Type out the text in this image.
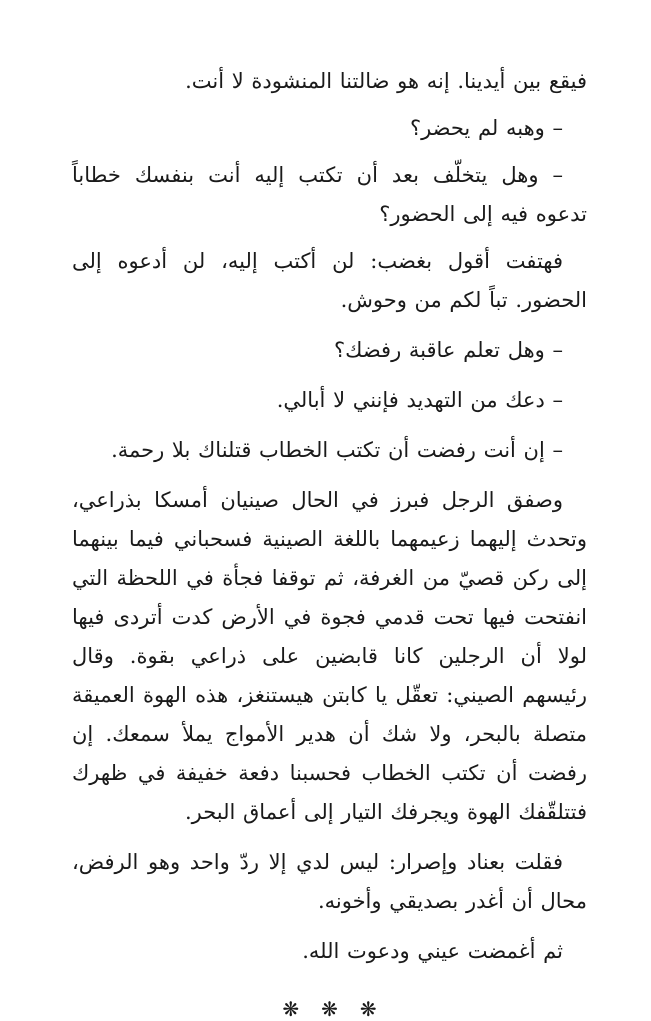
فيقع بين أيدينا. إنه هو ضالتنا المنشودة لا أنت.

– وهبه لم يحضر؟

– وهل يتخلّف بعد أن تكتب إليه أنت بنفسك خطاباً تدعوه فيه إلى الحضور؟

فهتفت أقول بغضب: لن أكتب إليه، لن أدعوه إلى الحضور. تباً لكم من وحوش.

– وهل تعلم عاقبة رفضك؟

– دعك من التهديد فإنني لا أبالي.

– إن أنت رفضت أن تكتب الخطاب قتلناك بلا رحمة.

وصفق الرجل فبرز في الحال صينيان أمسكا بذراعي، وتحدث إليهما زعيمهما باللغة الصينية فسحباني فيما بينهما إلى ركن قصيّ من الغرفة، ثم توقفا فجأة في اللحظة التي انفتحت فيها تحت قدمي فجوة في الأرض كدت أتردى فيها لولا أن الرجلين كانا قابضين على ذراعي بقوة. وقال رئيسهم الصيني: تعقّل يا كابتن هيستنغز، هذه الهوة العميقة متصلة بالبحر، ولا شك أن هدير الأمواج يملأ سمعك. إن رفضت أن تكتب الخطاب فحسبنا دفعة خفيفة في ظهرك فتتلقّفك الهوة ويجرفك التيار إلى أعماق البحر.

فقلت بعناد وإصرار: ليس لدي إلا ردّ واحد وهو الرفض، محال أن أغدر بصديقي وأخونه.

ثم أغمضت عيني ودعوت الله.

❋❋❋
